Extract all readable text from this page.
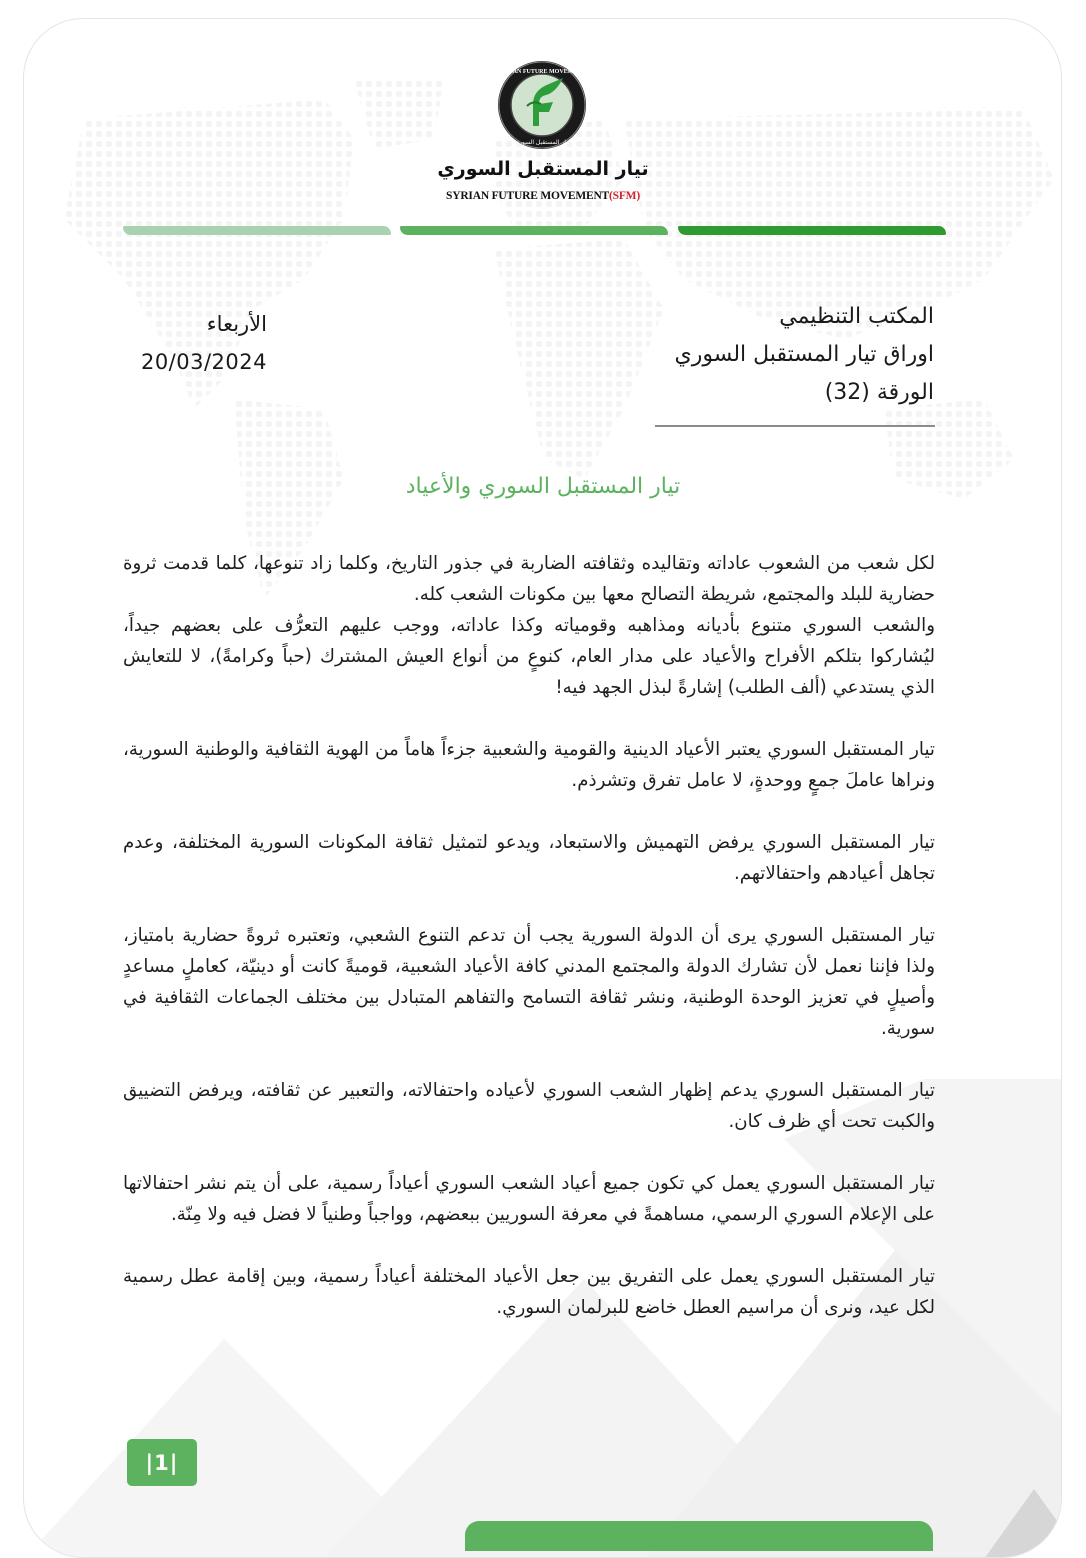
SYRIAN FUTURE MOVEMENT
تيار المستقبل السوري
تيار المستقبل السوري
SYRIAN FUTURE MOVEMENT(SFM)
المكتب التنظيمي
اوراق تيار المستقبل السوري
الورقة (32)
الأربعاء
20/03/2024
تيار المستقبل السوري والأعياد

لكل شعب من الشعوب عاداته وتقاليده وثقافته الضاربة في جذور التاريخ، وكلما زاد تنوعها، كلما قدمت ثروة حضارية للبلد والمجتمع، شريطة التصالح معها بين مكونات الشعب كله.

والشعب السوري متنوع بأديانه ومذاهبه وقومياته وكذا عاداته، ووجب عليهم التعرُّف على بعضهم جيداً، ليُشاركوا بتلكم الأفراح والأعياد على مدار العام، كنوعٍ من أنواع العيش المشترك (حباً وكرامةً)، لا للتعايش الذي يستدعي (ألف الطلب) إشارةً لبذل الجهد فيه!

تيار المستقبل السوري يعتبر الأعياد الدينية والقومية والشعبية جزءاً هاماً من الهوية الثقافية والوطنية السورية، ونراها عاملَ جمعٍ ووحدةٍ، لا عامل تفرق وتشرذم.

تيار المستقبل السوري يرفض التهميش والاستبعاد، ويدعو لتمثيل ثقافة المكونات السورية المختلفة، وعدم تجاهل أعيادهم واحتفالاتهم.

تيار المستقبل السوري يرى أن الدولة السورية يجب أن تدعم التنوع الشعبي، وتعتبره ثروةً حضارية بامتياز، ولذا فإننا نعمل لأن تشارك الدولة والمجتمع المدني كافة الأعياد الشعبية، قوميةً كانت أو دينيّة، كعاملٍ مساعدٍ وأصيلٍ في تعزيز الوحدة الوطنية، ونشر ثقافة التسامح والتفاهم المتبادل بين مختلف الجماعات الثقافية في سورية.

تيار المستقبل السوري يدعم إظهار الشعب السوري لأعياده واحتفالاته، والتعبير عن ثقافته، ويرفض التضييق والكبت تحت أي ظرف كان.

تيار المستقبل السوري يعمل كي تكون جميع أعياد الشعب السوري أعياداً رسمية، على أن يتم نشر احتفالاتها على الإعلام السوري الرسمي، مساهمةً في معرفة السوريين ببعضهم، وواجباً وطنياً لا فضل فيه ولا مِنّة.

تيار المستقبل السوري يعمل على التفريق بين جعل الأعياد المختلفة أعياداً رسمية، وبين إقامة عطل رسمية لكل عيد، ونرى أن مراسيم العطل خاضع للبرلمان السوري.

|1|
